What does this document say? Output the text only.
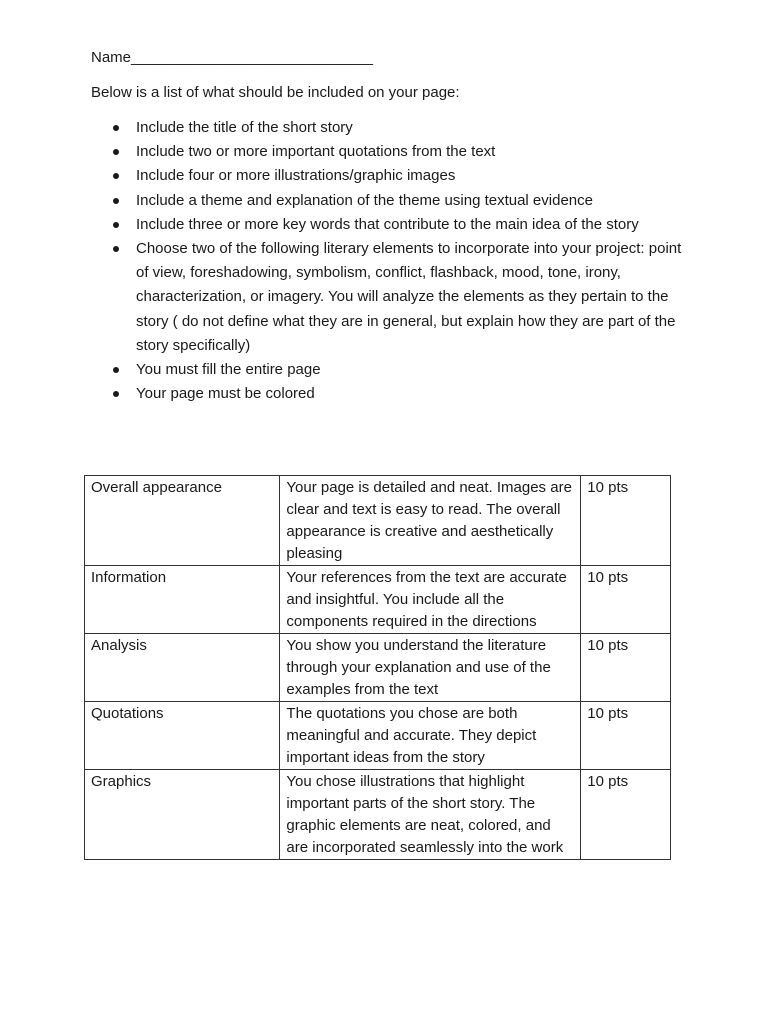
Name_____________________________
Below is a list of what should be included on your page:
Include the title of the short story
Include two or more important quotations from the text
Include four or more illustrations/graphic images
Include a theme and explanation of the theme using textual evidence
Include three or more key words that contribute to the main idea of the story
Choose two of the following literary elements to incorporate into your project: point of view, foreshadowing, symbolism, conflict, flashback, mood, tone, irony, characterization, or imagery. You will analyze the elements as they pertain to the story ( do not define what they are in general, but explain how they are part of the story specifically)
You must fill the entire page
Your page must be colored
Overall appearance	Your page is detailed and neat. Images are clear and text is easy to read. The overall appearance is creative and aesthetically pleasing	10 pts
Information	Your references from the text are accurate and insightful. You include all the components required in the directions	10 pts
Analysis	You show you understand the literature through your explanation and use of the examples from the text	10 pts
Quotations	The quotations you chose are both meaningful and accurate. They depict important ideas from the story	10 pts
Graphics	You chose illustrations that highlight important parts of the short story. The graphic elements are neat, colored, and are incorporated seamlessly into the work	10 pts
